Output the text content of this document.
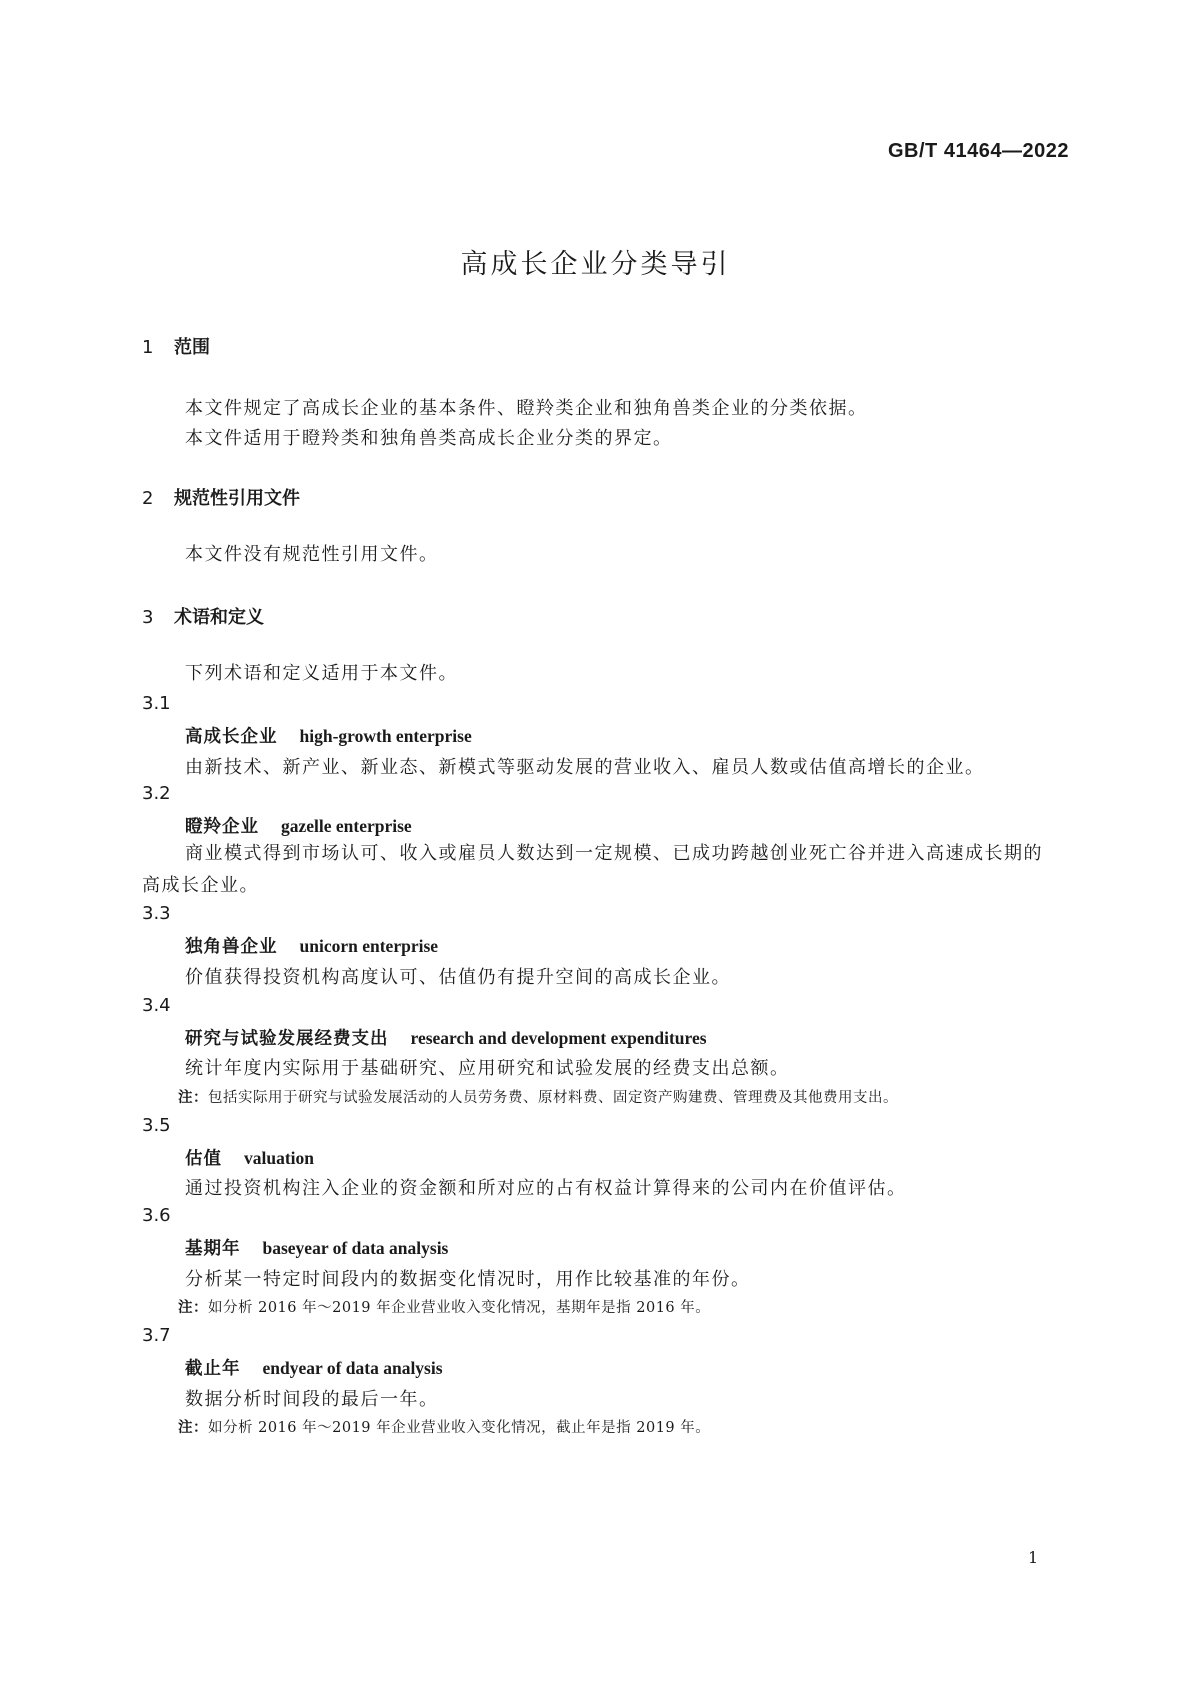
GB/T 41464—2022
高成长企业分类导引
1 范围
本文件规定了高成长企业的基本条件、瞪羚类企业和独角兽类企业的分类依据。
本文件适用于瞪羚类和独角兽类高成长企业分类的界定。
2 规范性引用文件
本文件没有规范性引用文件。
3 术语和定义
下列术语和定义适用于本文件。
3.1
高成长企业 high-growth enterprise
由新技术、新产业、新业态、新模式等驱动发展的营业收入、雇员人数或估值高增长的企业。
3.2
瞪羚企业 gazelle enterprise
商业模式得到市场认可、收入或雇员人数达到一定规模、已成功跨越创业死亡谷并进入高速成长期的高成长企业。
3.3
独角兽企业 unicorn enterprise
价值获得投资机构高度认可、估值仍有提升空间的高成长企业。
3.4
研究与试验发展经费支出 research and development expenditures
统计年度内实际用于基础研究、应用研究和试验发展的经费支出总额。
注：包括实际用于研究与试验发展活动的人员劳务费、原材料费、固定资产购建费、管理费及其他费用支出。
3.5
估值 valuation
通过投资机构注入企业的资金额和所对应的占有权益计算得来的公司内在价值评估。
3.6
基期年 baseyear of data analysis
分析某一特定时间段内的数据变化情况时，用作比较基准的年份。
注：如分析 2016 年～2019 年企业营业收入变化情况，基期年是指 2016 年。
3.7
截止年 endyear of data analysis
数据分析时间段的最后一年。
注：如分析 2016 年～2019 年企业营业收入变化情况，截止年是指 2019 年。
1
